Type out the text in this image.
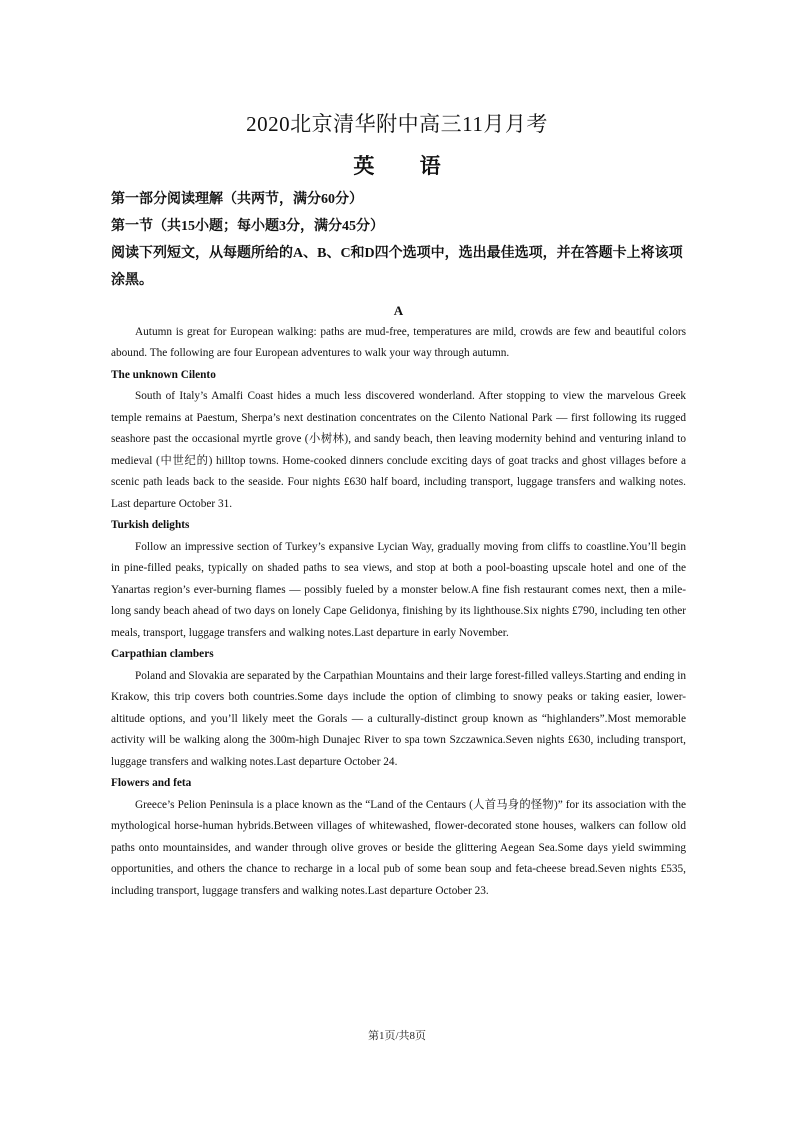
2020北京清华附中高三11月月考
英 语

第一部分阅读理解（共两节，满分60分）

第一节（共15小题；每小题3分，满分45分）

阅读下列短文，从每题所给的A、B、C和D四个选项中，选出最佳选项，并在答题卡上将该项涂黑。

A

Autumn is great for European walking: paths are mud-free, temperatures are mild, crowds are few and beautiful colors abound. The following are four European adventures to walk your way through autumn.

The unknown Cilento

South of Italy’s Amalfi Coast hides a much less discovered wonderland. After stopping to view the marvelous Greek temple remains at Paestum, Sherpa’s next destination concentrates on the Cilento National Park — first following its rugged seashore past the occasional myrtle grove (小树林), and sandy beach, then leaving modernity behind and venturing inland to medieval (中世纪的) hilltop towns. Home-cooked dinners conclude exciting days of goat tracks and ghost villages before a scenic path leads back to the seaside. Four nights £630 half board, including transport, luggage transfers and walking notes. Last departure October 31.

Turkish delights

Follow an impressive section of Turkey’s expansive Lycian Way, gradually moving from cliffs to coastline.You’ll begin in pine-filled peaks, typically on shaded paths to sea views, and stop at both a pool-boasting upscale hotel and one of the Yanartas region’s ever-burning flames — possibly fueled by a monster below.A fine fish restaurant comes next, then a mile-long sandy beach ahead of two days on lonely Cape Gelidonya, finishing by its lighthouse.Six nights £790, including ten other meals, transport, luggage transfers and walking notes.Last departure in early November.

Carpathian clambers

Poland and Slovakia are separated by the Carpathian Mountains and their large forest-filled valleys.Starting and ending in Krakow, this trip covers both countries.Some days include the option of climbing to snowy peaks or taking easier, lower-altitude options, and you’ll likely meet the Gorals — a culturally-distinct group known as “highlanders”.Most memorable activity will be walking along the 300m-high Dunajec River to spa town Szczawnica.Seven nights £630, including transport, luggage transfers and walking notes.Last departure October 24.

Flowers and feta

Greece’s Pelion Peninsula is a place known as the “Land of the Centaurs (人首马身的怪物)” for its association with the mythological horse-human hybrids.Between villages of whitewashed, flower-decorated stone houses, walkers can follow old paths onto mountainsides, and wander through olive groves or beside the glittering Aegean Sea.Some days yield swimming opportunities, and others the chance to recharge in a local pub of some bean soup and feta-cheese bread.Seven nights £535, including transport, luggage transfers and walking notes.Last departure October 23.

第1页/共8页
